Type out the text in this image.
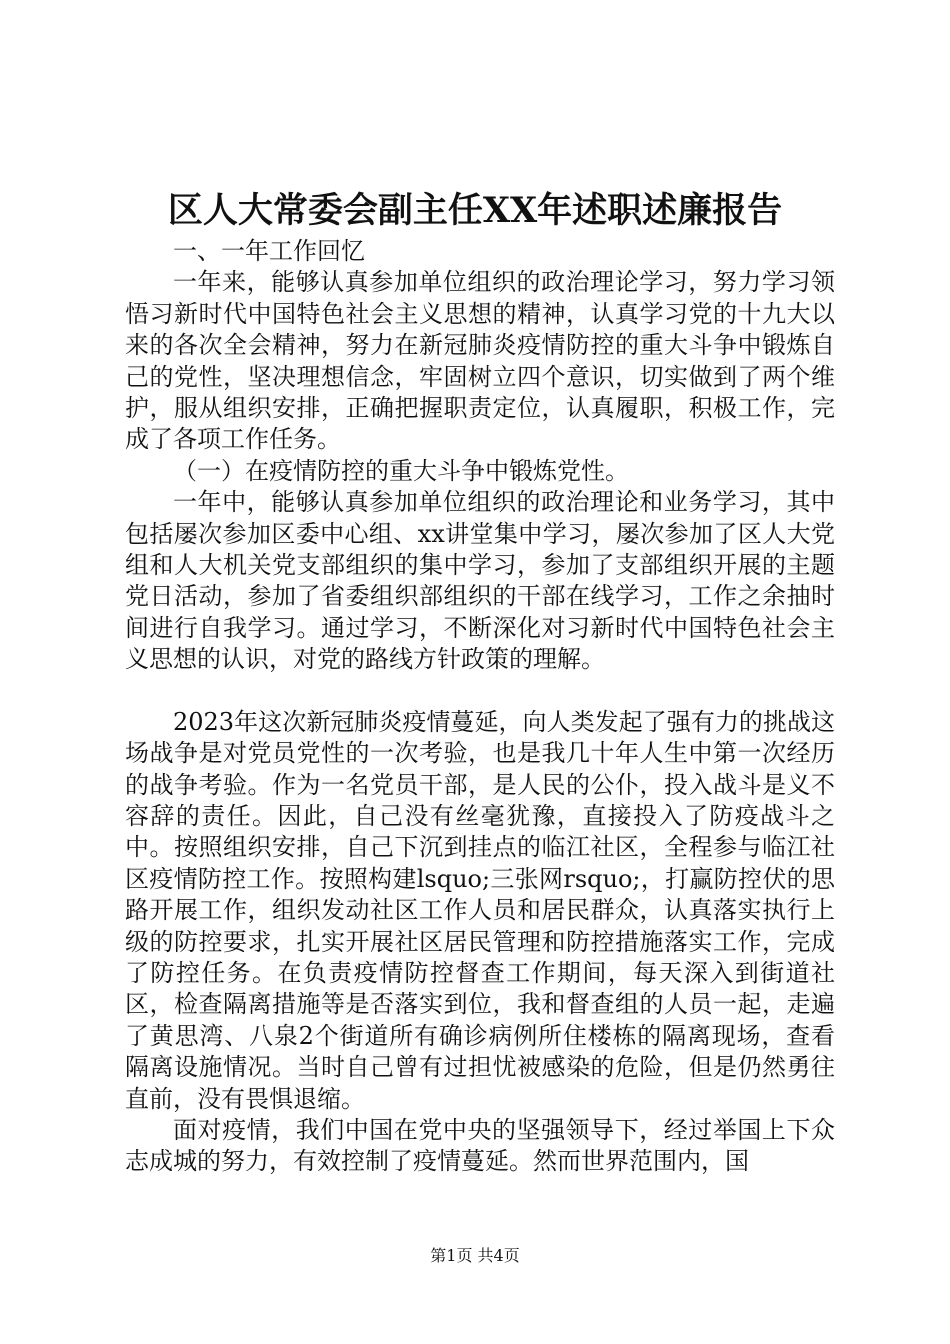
区人大常委会副主任XX年述职述廉报告

一、一年工作回忆

一年来，能够认真参加单位组织的政治理论学习，努力学习领悟习新时代中国特色社会主义思想的精神，认真学习党的十九大以来的各次全会精神，努力在新冠肺炎疫情防控的重大斗争中锻炼自己的党性，坚决理想信念，牢固树立四个意识，切实做到了两个维护，服从组织安排，正确把握职责定位，认真履职，积极工作，完成了各项工作任务。

（一）在疫情防控的重大斗争中锻炼党性。

一年中，能够认真参加单位组织的政治理论和业务学习，其中包括屡次参加区委中心组、xx讲堂集中学习，屡次参加了区人大党组和人大机关党支部组织的集中学习，参加了支部组织开展的主题党日活动，参加了省委组织部组织的干部在线学习，工作之余抽时间进行自我学习。通过学习，不断深化对习新时代中国特色社会主义思想的认识，对党的路线方针政策的理解。

2023年这次新冠肺炎疫情蔓延，向人类发起了强有力的挑战这场战争是对党员党性的一次考验，也是我几十年人生中第一次经历的战争考验。作为一名党员干部，是人民的公仆，投入战斗是义不容辞的责任。因此，自己没有丝毫犹豫，直接投入了防疫战斗之中。按照组织安排，自己下沉到挂点的临江社区，全程参与临江社区疫情防控工作。按照构建lsquo;三张网rsquo;，打赢防控伏的思路开展工作，组织发动社区工作人员和居民群众，认真落实执行上级的防控要求，扎实开展社区居民管理和防控措施落实工作，完成了防控任务。在负责疫情防控督查工作期间，每天深入到街道社区，检查隔离措施等是否落实到位，我和督查组的人员一起，走遍了黄思湾、八泉2个街道所有确诊病例所住楼栋的隔离现场，查看隔离设施情况。当时自己曾有过担忧被感染的危险，但是仍然勇往直前，没有畏惧退缩。

面对疫情，我们中国在党中央的坚强领导下，经过举国上下众志成城的努力，有效控制了疫情蔓延。然而世界范围内，国

第1页 共4页
